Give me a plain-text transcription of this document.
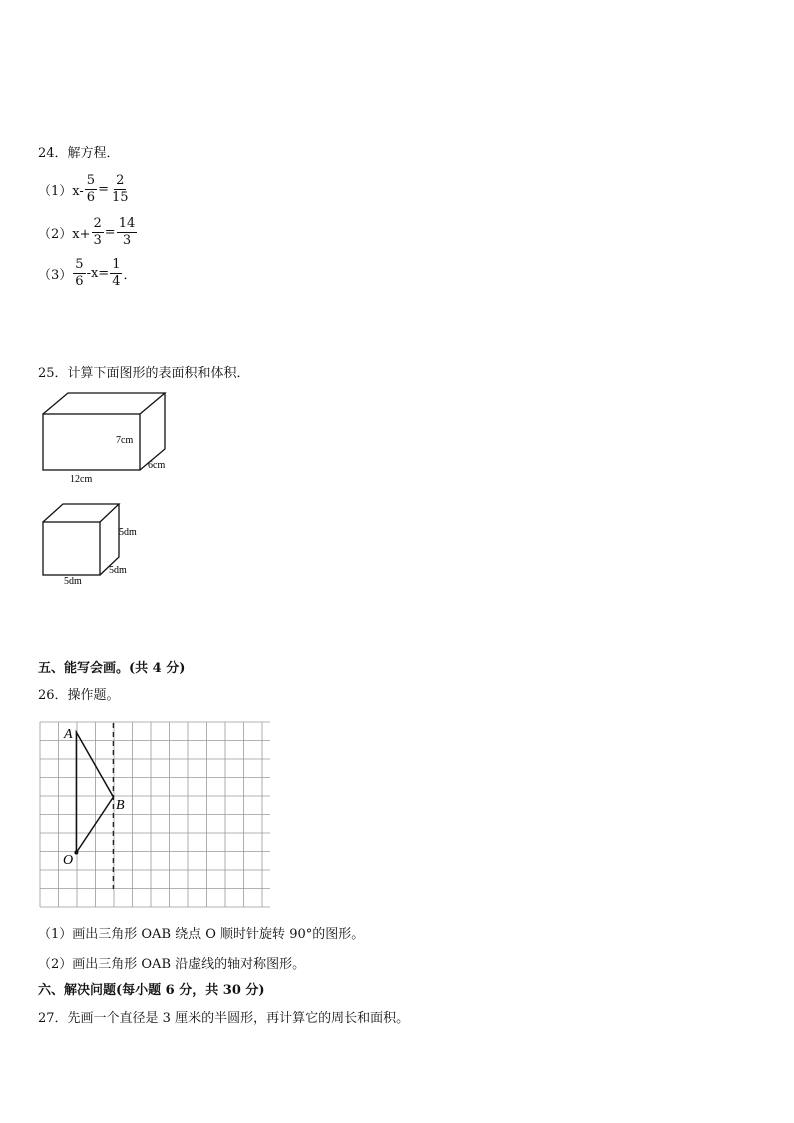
24．解方程．
$(1)x- \frac{5}{6} = \frac{2}{15}$
$(2)x+ \frac{2}{3} = \frac{14}{3}$
$(3) \frac{5}{6} -x= \frac{1}{4}$ ．
25．计算下面图形的表面积和体积．
7cm
6cm
12cm
5dm
5dm
5dm
五、能写会画。(共 4 分)
26．操作题。
A
B
O
（1）画出三角形 OAB 绕点 O 顺时针旋转 90°的图形。
（2）画出三角形 OAB 沿虚线的轴对称图形。
六、解决问题(每小题 6 分，共 30 分)
27．先画一个直径是 3 厘米的半圆形，再计算它的周长和面积。
